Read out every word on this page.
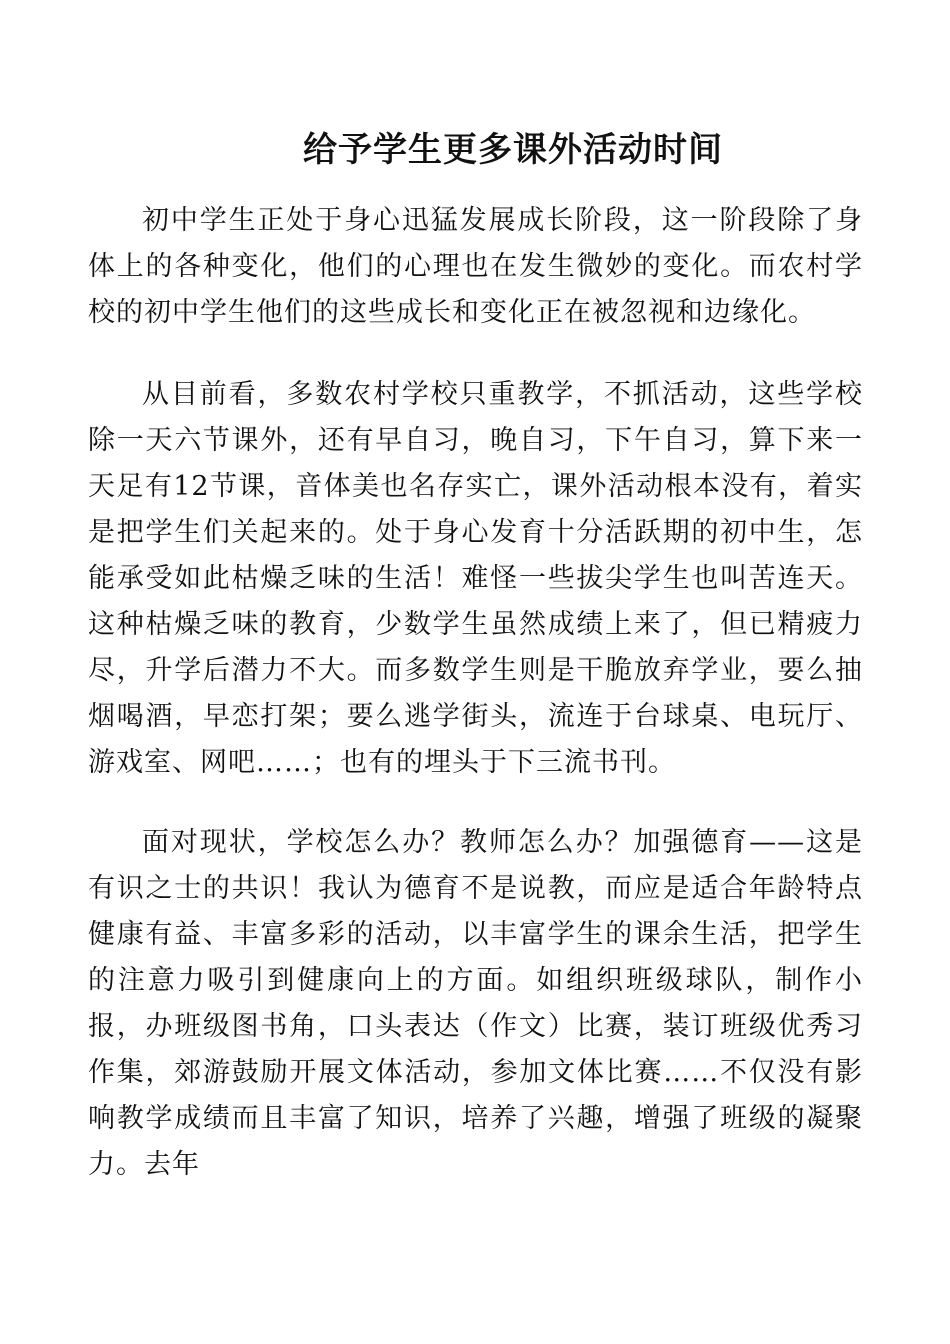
给予学生更多课外活动时间

初中学生正处于身心迅猛发展成长阶段，这一阶段除了身体上的各种变化，他们的心理也在发生微妙的变化。而农村学校的初中学生他们的这些成长和变化正在被忽视和边缘化。

从目前看，多数农村学校只重教学，不抓活动，这些学校除一天六节课外，还有早自习，晚自习，下午自习，算下来一天足有12节课，音体美也名存实亡，课外活动根本没有，着实是把学生们关起来的。处于身心发育十分活跃期的初中生，怎能承受如此枯燥乏味的生活！难怪一些拔尖学生也叫苦连天。这种枯燥乏味的教育，少数学生虽然成绩上来了，但已精疲力尽，升学后潜力不大。而多数学生则是干脆放弃学业，要么抽烟喝酒，早恋打架；要么逃学街头，流连于台球桌、电玩厅、游戏室、网吧……；也有的埋头于下三流书刊。

面对现状，学校怎么办？教师怎么办？加强德育——这是有识之士的共识！我认为德育不是说教，而应是适合年龄特点健康有益、丰富多彩的活动，以丰富学生的课余生活，把学生的注意力吸引到健康向上的方面。如组织班级球队，制作小报，办班级图书角，口头表达（作文）比赛，装订班级优秀习作集，郊游鼓励开展文体活动，参加文体比赛……不仅没有影响教学成绩而且丰富了知识，培养了兴趣，增强了班级的凝聚力。去年
